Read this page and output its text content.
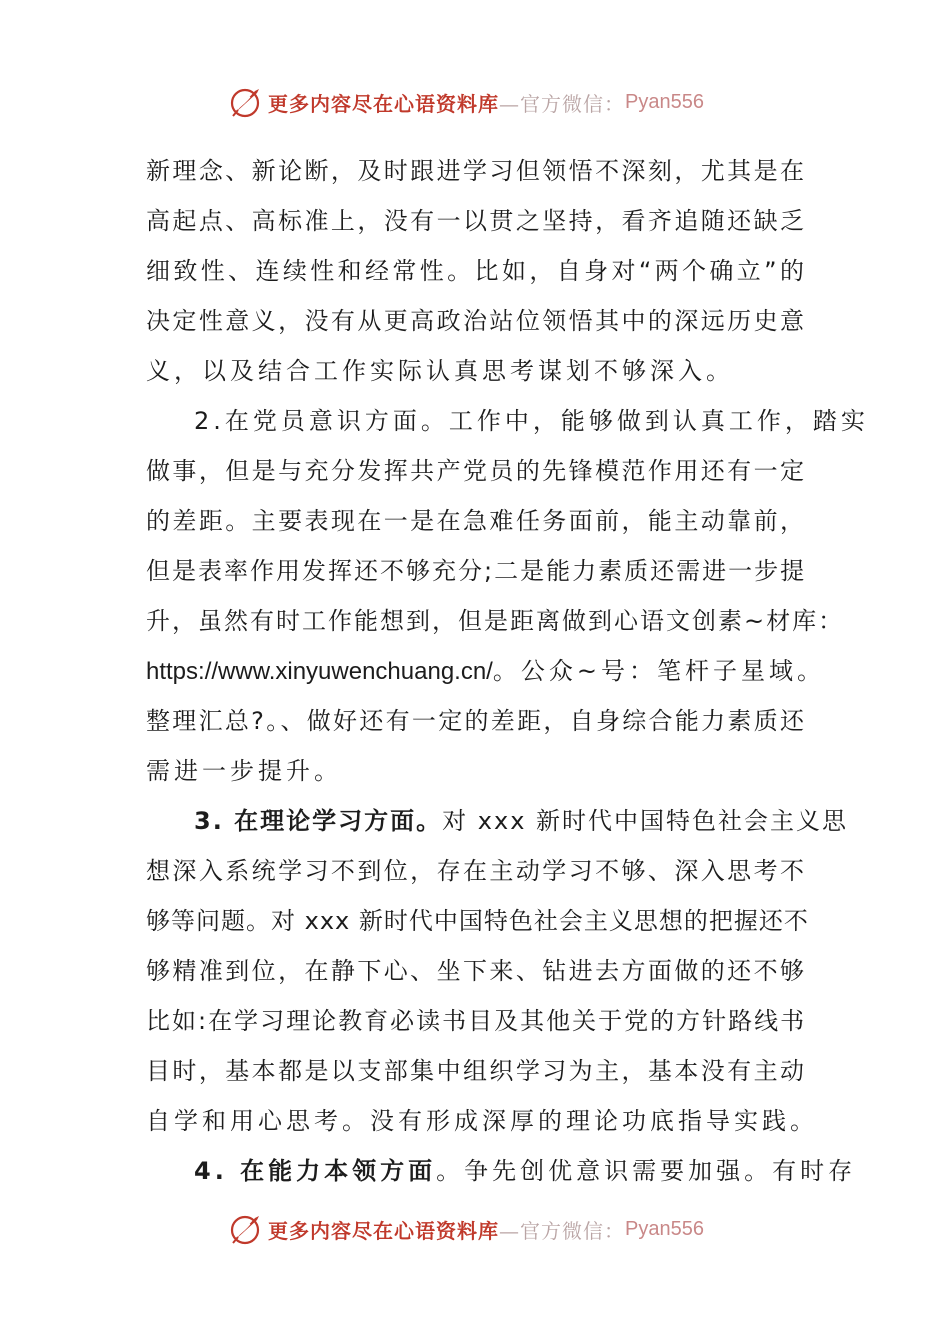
更多内容尽在心语资料库 —官方微信： Pyan556
新理念、新论断，及时跟进学习但领悟不深刻，尤其是在
高起点、高标准上，没有一以贯之坚持，看齐追随还缺乏
细致性、连续性和经常性。比如，自身对“两个确立”的
决定性意义，没有从更高政治站位领悟其中的深远历史意
义，以及结合工作实际认真思考谋划不够深入。
2.在党员意识方面。工作中，能够做到认真工作，踏实
做事，但是与充分发挥共产党员的先锋模范作用还有一定
的差距。主要表现在一是在急难任务面前，能主动靠前，
但是表率作用发挥还不够充分;二是能力素质还需进一步提
升，虽然有时工作能想到，但是距离做到心语文创素~材库：
https://www.xinyuwenchuang.cn/。公众~号：笔杆子星域。
整理汇总?。、做好还有一定的差距，自身综合能力素质还
需进一步提升。
3. 在理论学习方面。对 xxx 新时代中国特色社会主义思
想深入系统学习不到位，存在主动学习不够、深入思考不
够等问题。对 xxx 新时代中国特色社会主义思想的把握还不
够精准到位，在静下心、坐下来、钻进去方面做的还不够
比如:在学习理论教育必读书目及其他关于党的方针路线书
目时，基本都是以支部集中组织学习为主，基本没有主动
自学和用心思考。没有形成深厚的理论功底指导实践。
4. 在能力本领方面。争先创优意识需要加强。有时存
更多内容尽在心语资料库 —官方微信： Pyan556
